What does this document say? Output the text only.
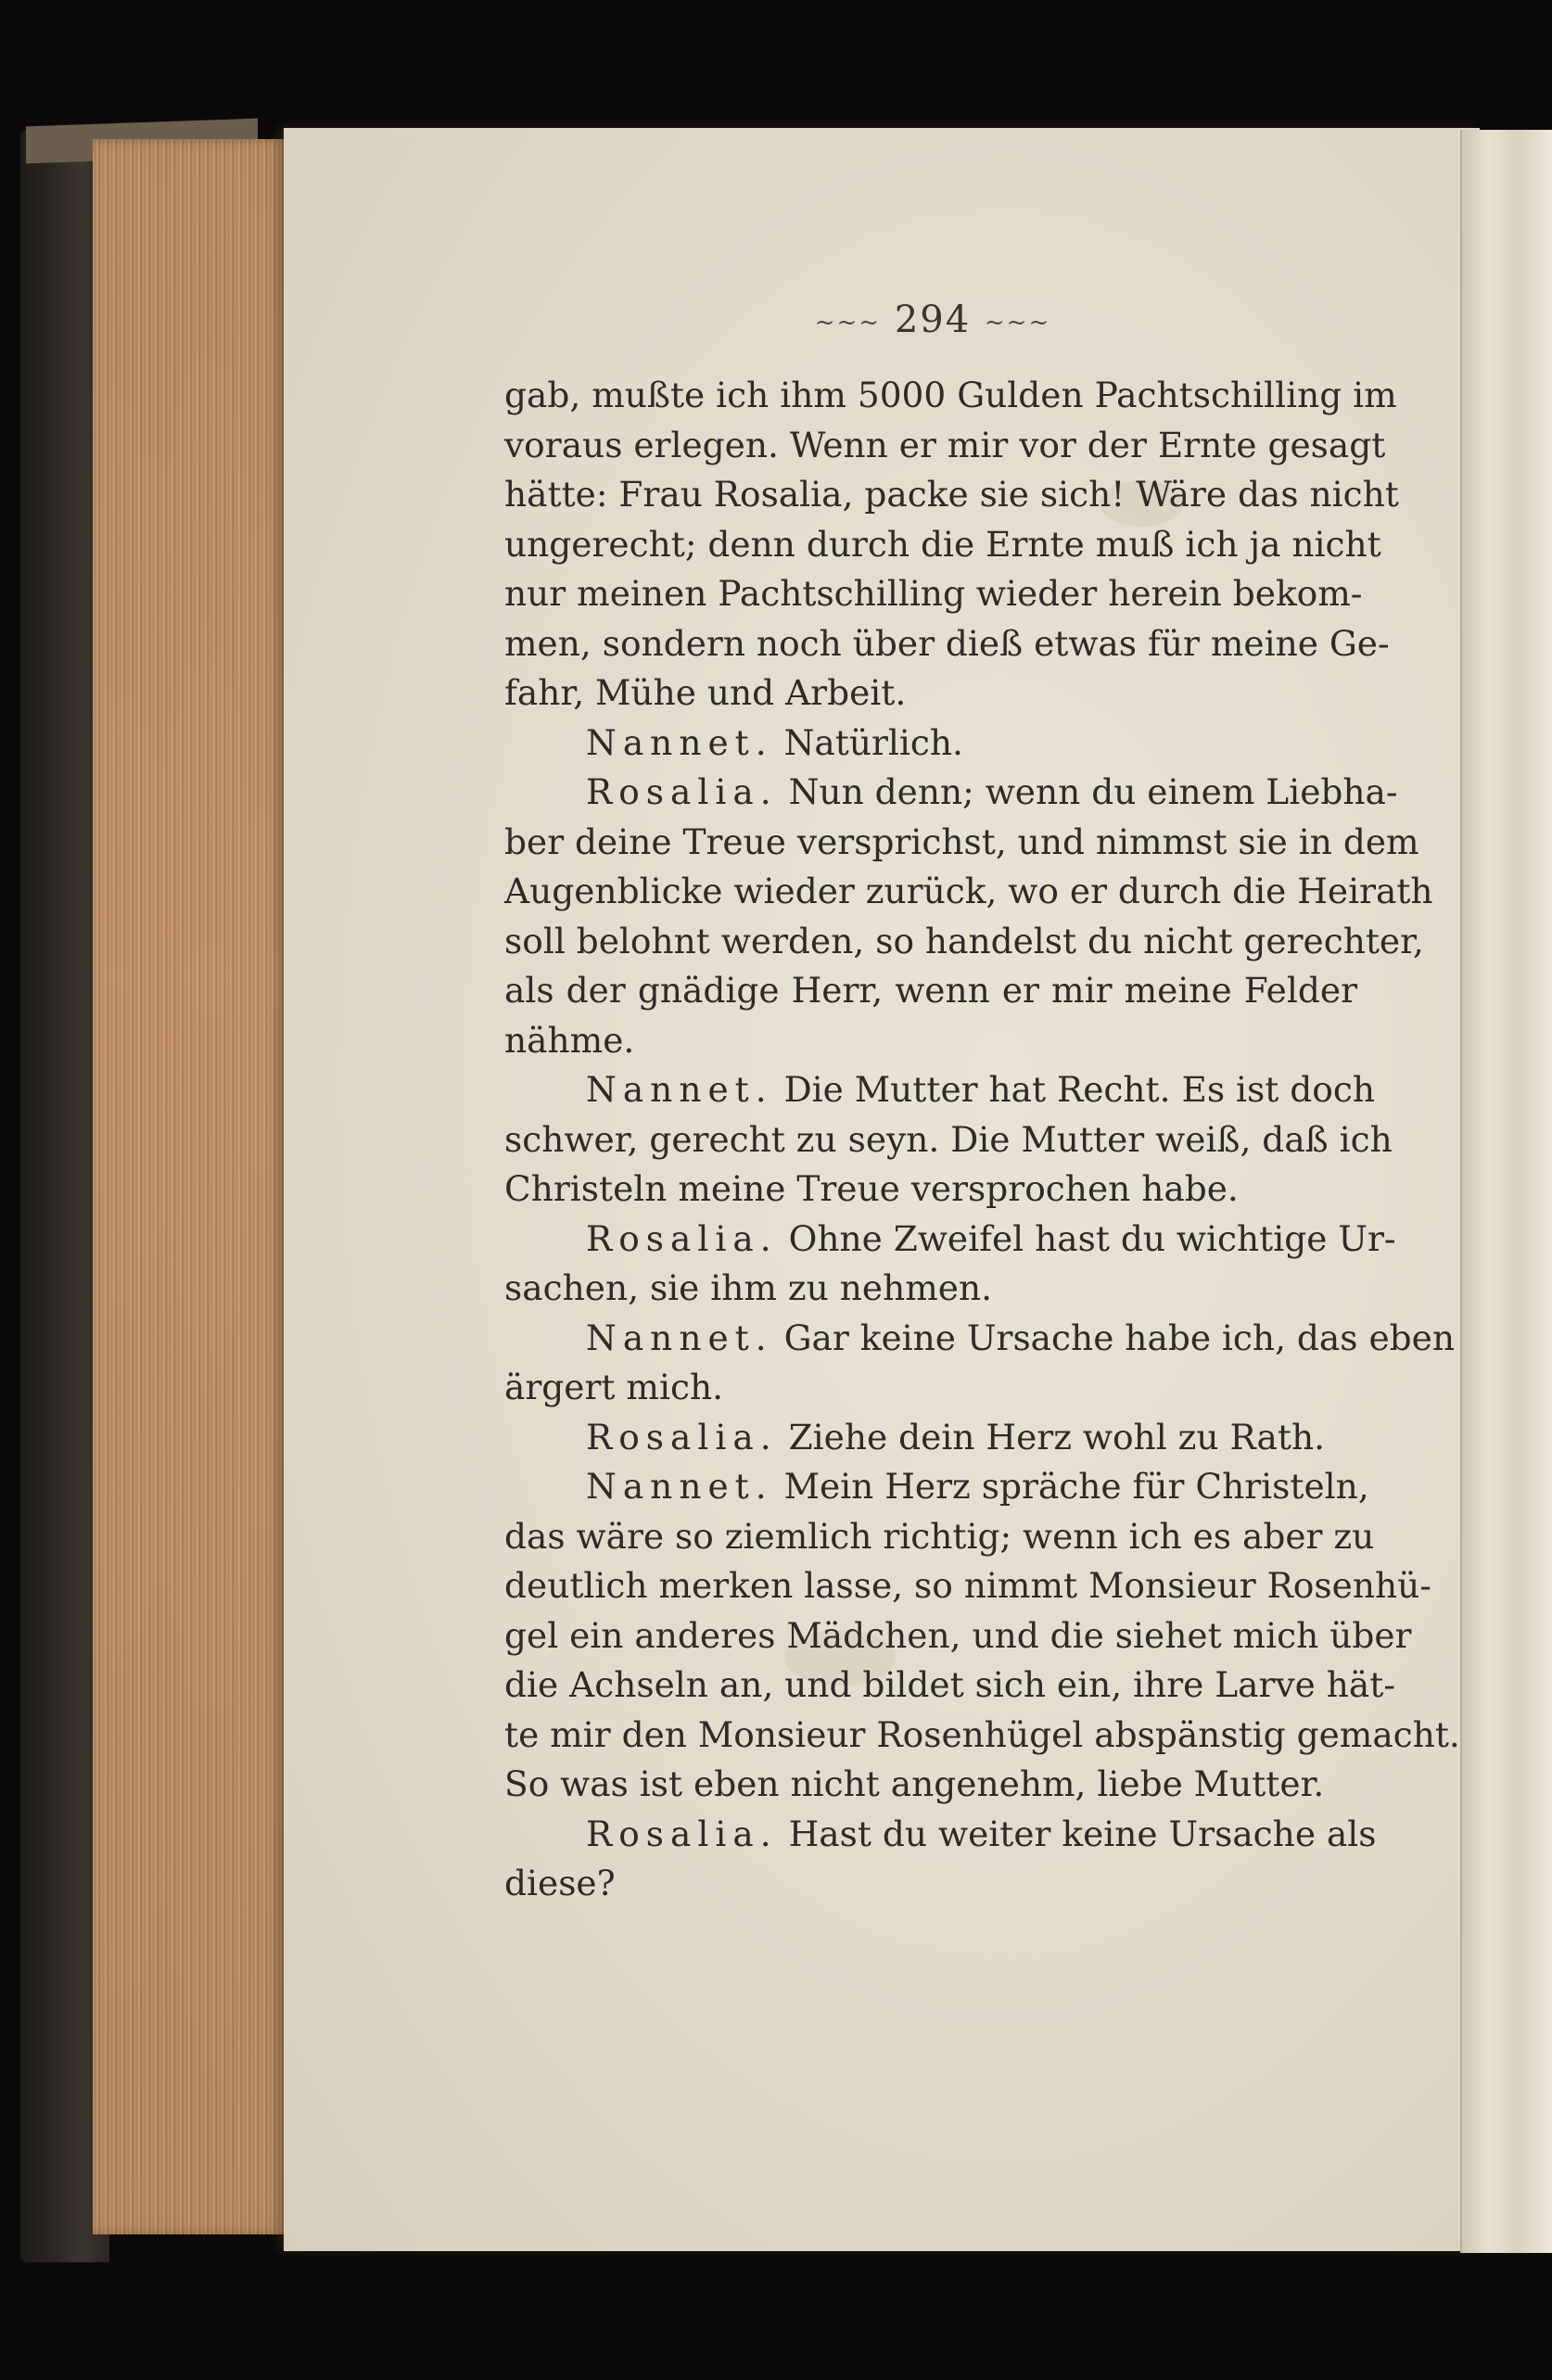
~~~ 294 ~~~
gab, mußte ich ihm 5000 Gulden Pachtschilling im
voraus erlegen. Wenn er mir vor der Ernte gesagt
hätte: Frau Rosalia, packe sie sich! Wäre das nicht
ungerecht; denn durch die Ernte muß ich ja nicht
nur meinen Pachtschilling wieder herein bekom-
men, sondern noch über dieß etwas für meine Ge-
fahr, Mühe und Arbeit.
Nannet. Natürlich.
Rosalia. Nun denn; wenn du einem Liebha-
ber deine Treue versprichst, und nimmst sie in dem
Augenblicke wieder zurück, wo er durch die Heirath
soll belohnt werden, so handelst du nicht gerechter,
als der gnädige Herr, wenn er mir meine Felder
nähme.
Nannet. Die Mutter hat Recht. Es ist doch
schwer, gerecht zu seyn. Die Mutter weiß, daß ich
Christeln meine Treue versprochen habe.
Rosalia. Ohne Zweifel hast du wichtige Ur-
sachen, sie ihm zu nehmen.
Nannet. Gar keine Ursache habe ich, das eben
ärgert mich.
Rosalia. Ziehe dein Herz wohl zu Rath.
Nannet. Mein Herz spräche für Christeln,
das wäre so ziemlich richtig; wenn ich es aber zu
deutlich merken lasse, so nimmt Monsieur Rosenhü-
gel ein anderes Mädchen, und die siehet mich über
die Achseln an, und bildet sich ein, ihre Larve hät-
te mir den Monsieur Rosenhügel abspänstig gemacht.
So was ist eben nicht angenehm, liebe Mutter.
Rosalia. Hast du weiter keine Ursache als
diese?
